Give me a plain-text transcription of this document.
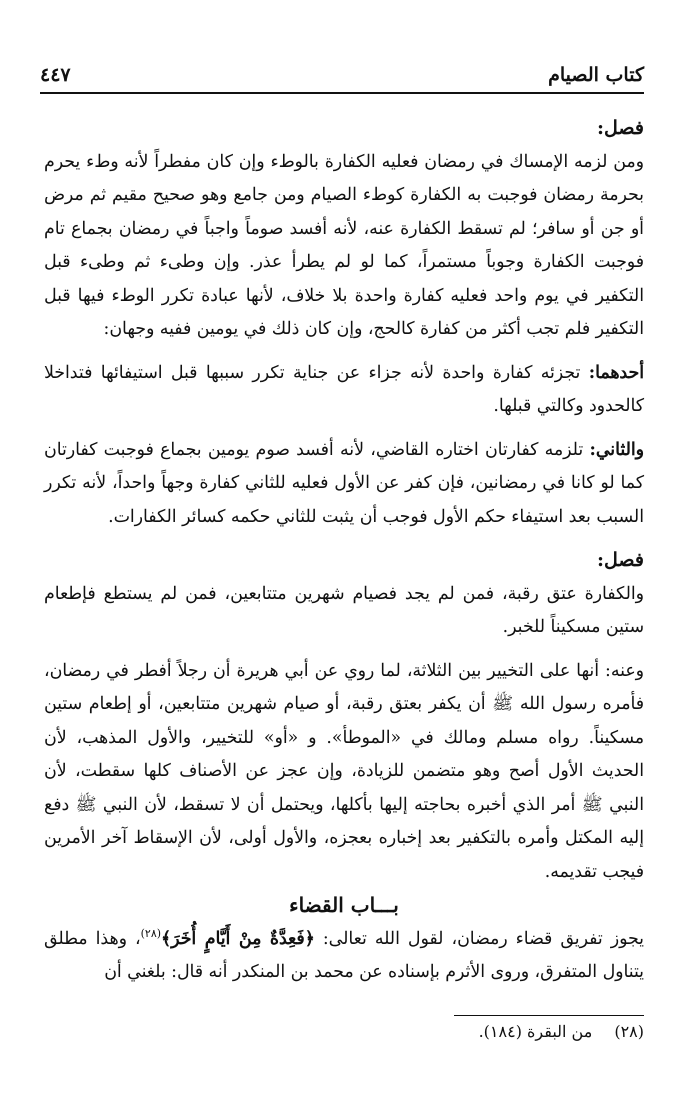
كتاب الصيام
٤٤٧

فصل:

ومن لزمه الإمساك في رمضان فعليه الكفارة بالوطء وإن كان مفطراً لأنه وطء يحرم بحرمة رمضان فوجبت به الكفارة كوطء الصيام ومن جامع وهو صحيح مقيم ثم مرض أو جن أو سافر؛ لم تسقط الكفارة عنه، لأنه أفسد صوماً واجباً في رمضان بجماع تام فوجبت الكفارة وجوباً مستمراً، كما لو لم يطرأ عذر. وإن وطىء ثم وطىء قبل التكفير في يوم واحد فعليه كفارة واحدة بلا خلاف، لأنها عبادة تكرر الوطء فيها قبل التكفير فلم تجب أكثر من كفارة كالحج، وإن كان ذلك في يومين ففيه وجهان:

أحدهما: تجزئه كفارة واحدة لأنه جزاء عن جناية تكرر سببها قبل استيفائها فتداخلا كالحدود وكالتي قبلها.

والثاني: تلزمه كفارتان اختاره القاضي، لأنه أفسد صوم يومين بجماع فوجبت كفارتان كما لو كانا في رمضانين، فإن كفر عن الأول فعليه للثاني كفارة وجهاً واحداً، لأنه تكرر السبب بعد استيفاء حكم الأول فوجب أن يثبت للثاني حكمه كسائر الكفارات.

فصل:

والكفارة عتق رقبة، فمن لم يجد فصيام شهرين متتابعين، فمن لم يستطع فإطعام ستين مسكيناً للخبر.

وعنه: أنها على التخيير بين الثلاثة، لما روي عن أبي هريرة أن رجلاً أفطر في رمضان، فأمره رسول الله ﷺ أن يكفر بعتق رقبة، أو صيام شهرين متتابعين، أو إطعام ستين مسكيناً. رواه مسلم ومالك في «الموطأ». و «أو» للتخيير، والأول المذهب، لأن الحديث الأول أصح وهو متضمن للزيادة، وإن عجز عن الأصناف كلها سقطت، لأن النبي ﷺ أمر الذي أخبره بحاجته إليها بأكلها، ويحتمل أن لا تسقط، لأن النبي ﷺ دفع إليه المكتل وأمره بالتكفير بعد إخباره بعجزه، والأول أولى، لأن الإسقاط آخر الأمرين فيجب تقديمه.

بـــاب القضاء

يجوز تفريق قضاء رمضان، لقول الله تعالى: ﴿فَعِدَّةٌ مِنْ أَيَّامٍ أُخَرَ﴾$^{(٢٨)}$، وهذا مطلق يتناول المتفرق، وروى الأثرم بإسناده عن محمد بن المنكدر أنه قال: بلغني أن

(٢٨)
من البقرة (١٨٤).
